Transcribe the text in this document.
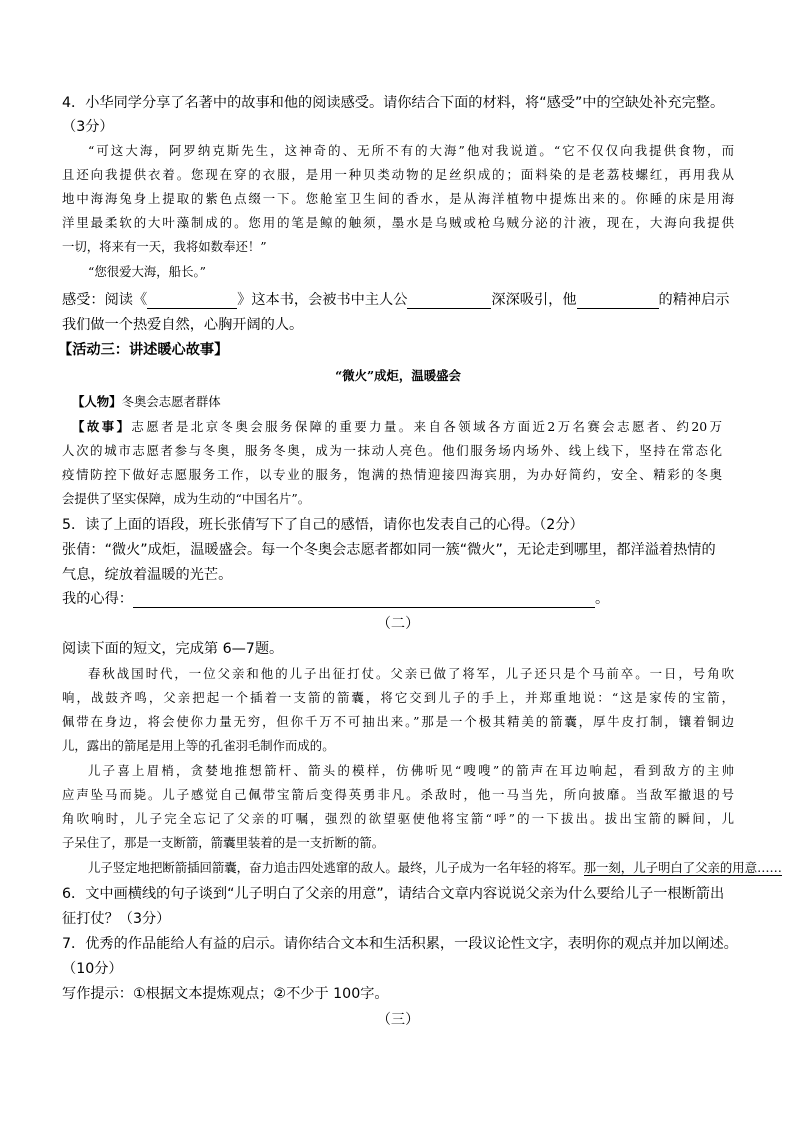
4．小华同学分享了名著中的故事和他的阅读感受。请你结合下面的材料，将“感受”中的空缺处补充完整。
（3分）
“可这大海，阿罗纳克斯先生，这神奇的、无所不有的大海”他对我说道。“它不仅仅向我提供食物，而
且还向我提供衣着。您现在穿的衣服，是用一种贝类动物的足丝织成的；面料染的是老荔枝螺红，再用我从
地中海海兔身上提取的紫色点缀一下。您舱室卫生间的香水，是从海洋植物中提炼出来的。你睡的床是用海
洋里最柔软的大叶藻制成的。您用的笔是鲸的触须，墨水是乌贼或枪乌贼分泌的汁液，现在，大海向我提供
一切，将来有一天，我将如数奉还！”
“您很爱大海，船长。”
感受：阅读《	》这本书，会被书中主人公	深深吸引，他	的精神启示
我们做一个热爱自然，心胸开阔的人。
【活动三：讲述暖心故事】
“微火”成炬，温暖盛会
【人物】冬奥会志愿者群体
【故事】志愿者是北京冬奥会服务保障的重要力量。来自各领域各方面近2万名赛会志愿者、约20万
人次的城市志愿者参与冬奥，服务冬奥，成为一抹动人亮色。他们服务场内场外、线上线下，坚持在常态化
疫情防控下做好志愿服务工作，以专业的服务，饱满的热情迎接四海宾朋，为办好简约，安全、精彩的冬奥
会提供了坚实保障，成为生动的“中国名片”。
5．读了上面的语段，班长张倩写下了自己的感悟，请你也发表自己的心得。（2分）
张倩：“微火”成炬，温暖盛会。每一个冬奥会志愿者都如同一簇“微火”，无论走到哪里，都洋溢着热情的
气息，绽放着温暖的光芒。
我的心得：	。
（二）
阅读下面的短文，完成第 6—7题。
春秋战国时代，一位父亲和他的儿子出征打仗。父亲已做了将军，儿子还只是个马前卒。一日，号角吹
响，战鼓齐鸣，父亲把起一个插着一支箭的箭囊，将它交到儿子的手上，并郑重地说：“这是家传的宝箭，
佩带在身边，将会使你力量无穷，但你千万不可抽出来。”那是一个极其精美的箭囊，厚牛皮打制，镶着铜边
儿，露出的箭尾是用上等的孔雀羽毛制作而成的。
儿子喜上眉梢，贪婪地推想箭杆、箭头的模样，仿佛听见“嗖嗖”的箭声在耳边响起，看到敌方的主帅
应声坠马而毙。儿子感觉自己佩带宝箭后变得英勇非凡。杀敌时，他一马当先，所向披靡。当敌军撤退的号
角吹响时，儿子完全忘记了父亲的叮嘱，强烈的欲望驱使他将宝箭“呼”的一下拔出。拔出宝箭的瞬间，儿
子呆住了，那是一支断箭，箭囊里装着的是一支折断的箭。
儿子竖定地把断箭插回箭囊，奋力追击四处逃窜的敌人。最终，儿子成为一名年轻的将军。那一刻，儿子明白了父亲的用意……
6．文中画横线的句子谈到“儿子明白了父亲的用意”，请结合文章内容说说父亲为什么要给儿子一根断箭出
征打仗？（3分）
7．优秀的作品能给人有益的启示。请你结合文本和生活积累，一段议论性文字，表明你的观点并加以阐述。
（10分）
写作提示：①根据文本提炼观点；②不少于 100字。
（三）
